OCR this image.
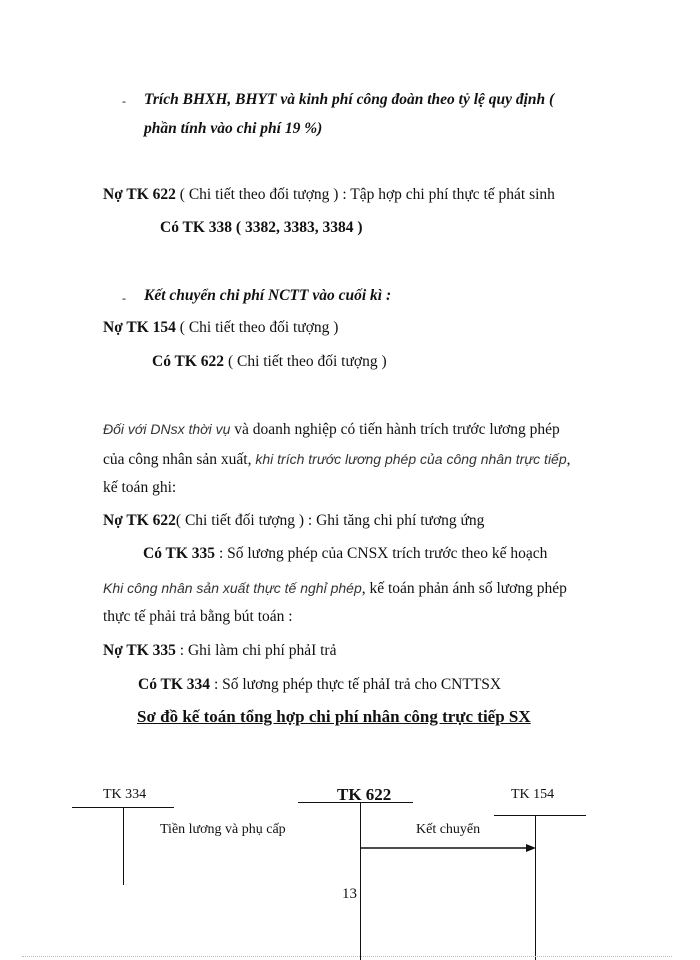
- Trích BHXH, BHYT và kinh phí công đoàn theo tỷ lệ quy định (
phần tính vào chi phí 19 %)
Nợ TK 622 ( Chi tiết theo đối tượng ) : Tập hợp chi phí thực tế phát sinh
Có TK 338 ( 3382, 3383, 3384 )
- Kết chuyển chi phí NCTT vào cuối kì :
Nợ TK 154 ( Chi tiết theo đối tượng )
Có TK 622 ( Chi tiết theo đối tượng )
Đối với DNsx thời vụ và doanh nghiệp có tiến hành trích trước lương phép
của công nhân sản xuất, khi trích trước lương phép của công nhân trực tiếp,
kế toán ghi:
Nợ TK 622( Chi tiết đối tượng ) : Ghi tăng chi phí tương ứng
Có TK 335 : Số lương phép của CNSX trích trước theo kế hoạch
Khi công nhân sản xuất thực tế nghỉ phép, kế toán phản ánh số lương phép
thực tế phải trả bằng bút toán :
Nợ TK 335 : Ghi làm chi phí phảI trả
Có TK 334 : Số lương phép thực tế phảI trả cho CNTTSX
Sơ đồ kế toán tổng hợp chi phí nhân công trực tiếp SX
TK 334	TK 622	TK 154
Tiền lương và phụ cấp	Kết chuyển
13
